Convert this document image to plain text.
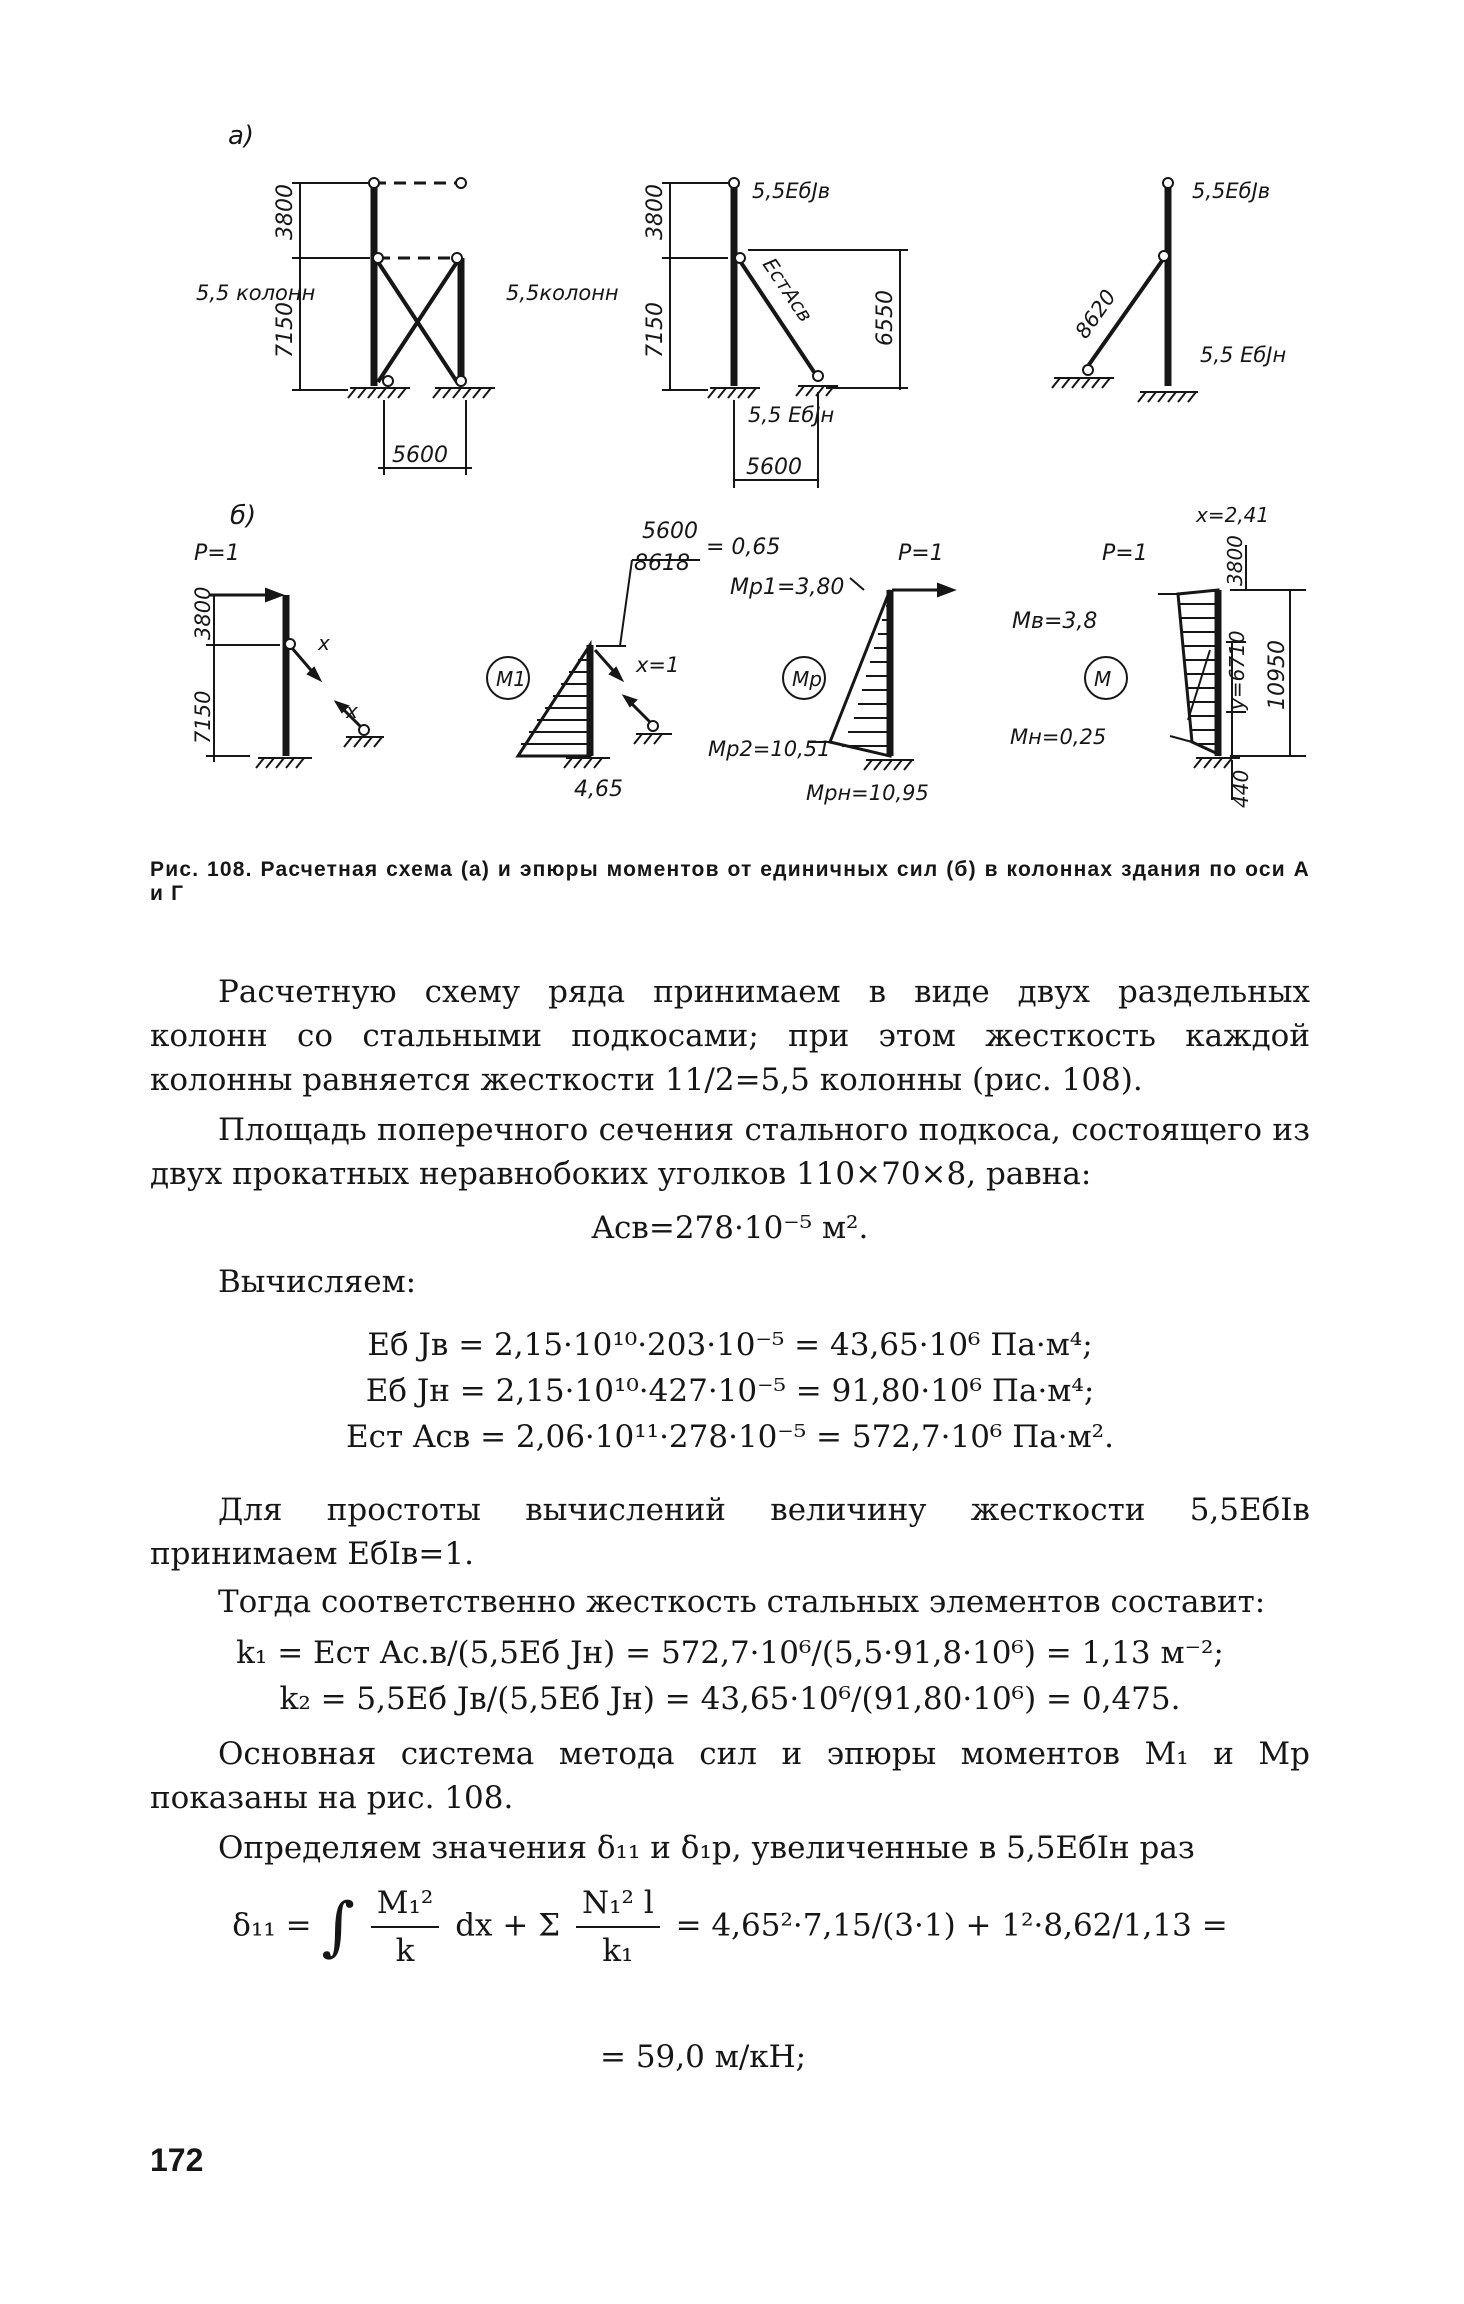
а)
б)
3800
7150
5,5 колонн	5,5колонн
5600
3800
7150
5,5EбJв
EстAсв	6550
5,5 EбJн
5600
5,5EбJв
8620
5,5 EбJн
P=1
3800
7150
x
x
5600
8618
= 0,65
x=1
M1
4,65
Mp1=3,80
P=1
Mp
Mp2=10,51
Mpн=10,95
P=1
x=2,41
3800
Mв=3,8
M	y=6710 10950
Mн=0,25
440
Рис. 108. Расчетная схема (а) и эпюры моментов от единичных сил (б) в колоннах здания по оси А и Г

Расчетную схему ряда принимаем в виде двух раздельных колонн со стальными подкосами; при этом жесткость каждой колонны равняется жесткости 11/2=5,5 колонны (рис. 108).

Площадь поперечного сечения стального подкоса, состоящего из двух прокатных неравнобоких уголков 110×70×8, равна:

Aсв=278·10⁻⁵ м².

Вычисляем:

Eб Jв = 2,15·10¹⁰·203·10⁻⁵ = 43,65·10⁶ Па·м⁴;

Eб Jн = 2,15·10¹⁰·427·10⁻⁵ = 91,80·10⁶ Па·м⁴;

Eст Aсв = 2,06·10¹¹·278·10⁻⁵ = 572,7·10⁶ Па·м².

Для простоты вычислений величину жесткости 5,5EбIв принимаем EбIв=1.

Тогда соответственно жесткость стальных элементов составит:

k₁ = Eст Aс.в/(5,5Eб Jн) = 572,7·10⁶/(5,5·91,8·10⁶) = 1,13 м⁻²;

k₂ = 5,5Eб Jв/(5,5Eб Jн) = 43,65·10⁶/(91,80·10⁶) = 0,475.

Основная система метода сил и эпюры моментов M₁ и Mp показаны на рис. 108.

Определяем значения δ₁₁ и δ₁p, увеличенные в 5,5EбIн раз

δ₁₁ = ∫ $\frac{\text{M₁²}}{k}$ dx + Σ $\frac{\text{N₁² l}}{\text{k₁}} = 4,65^2\cdot 7,15/(3\cdot 1) + 1^2\cdot 8,62/1,13$ =
= 59,0 м/кН;
172
